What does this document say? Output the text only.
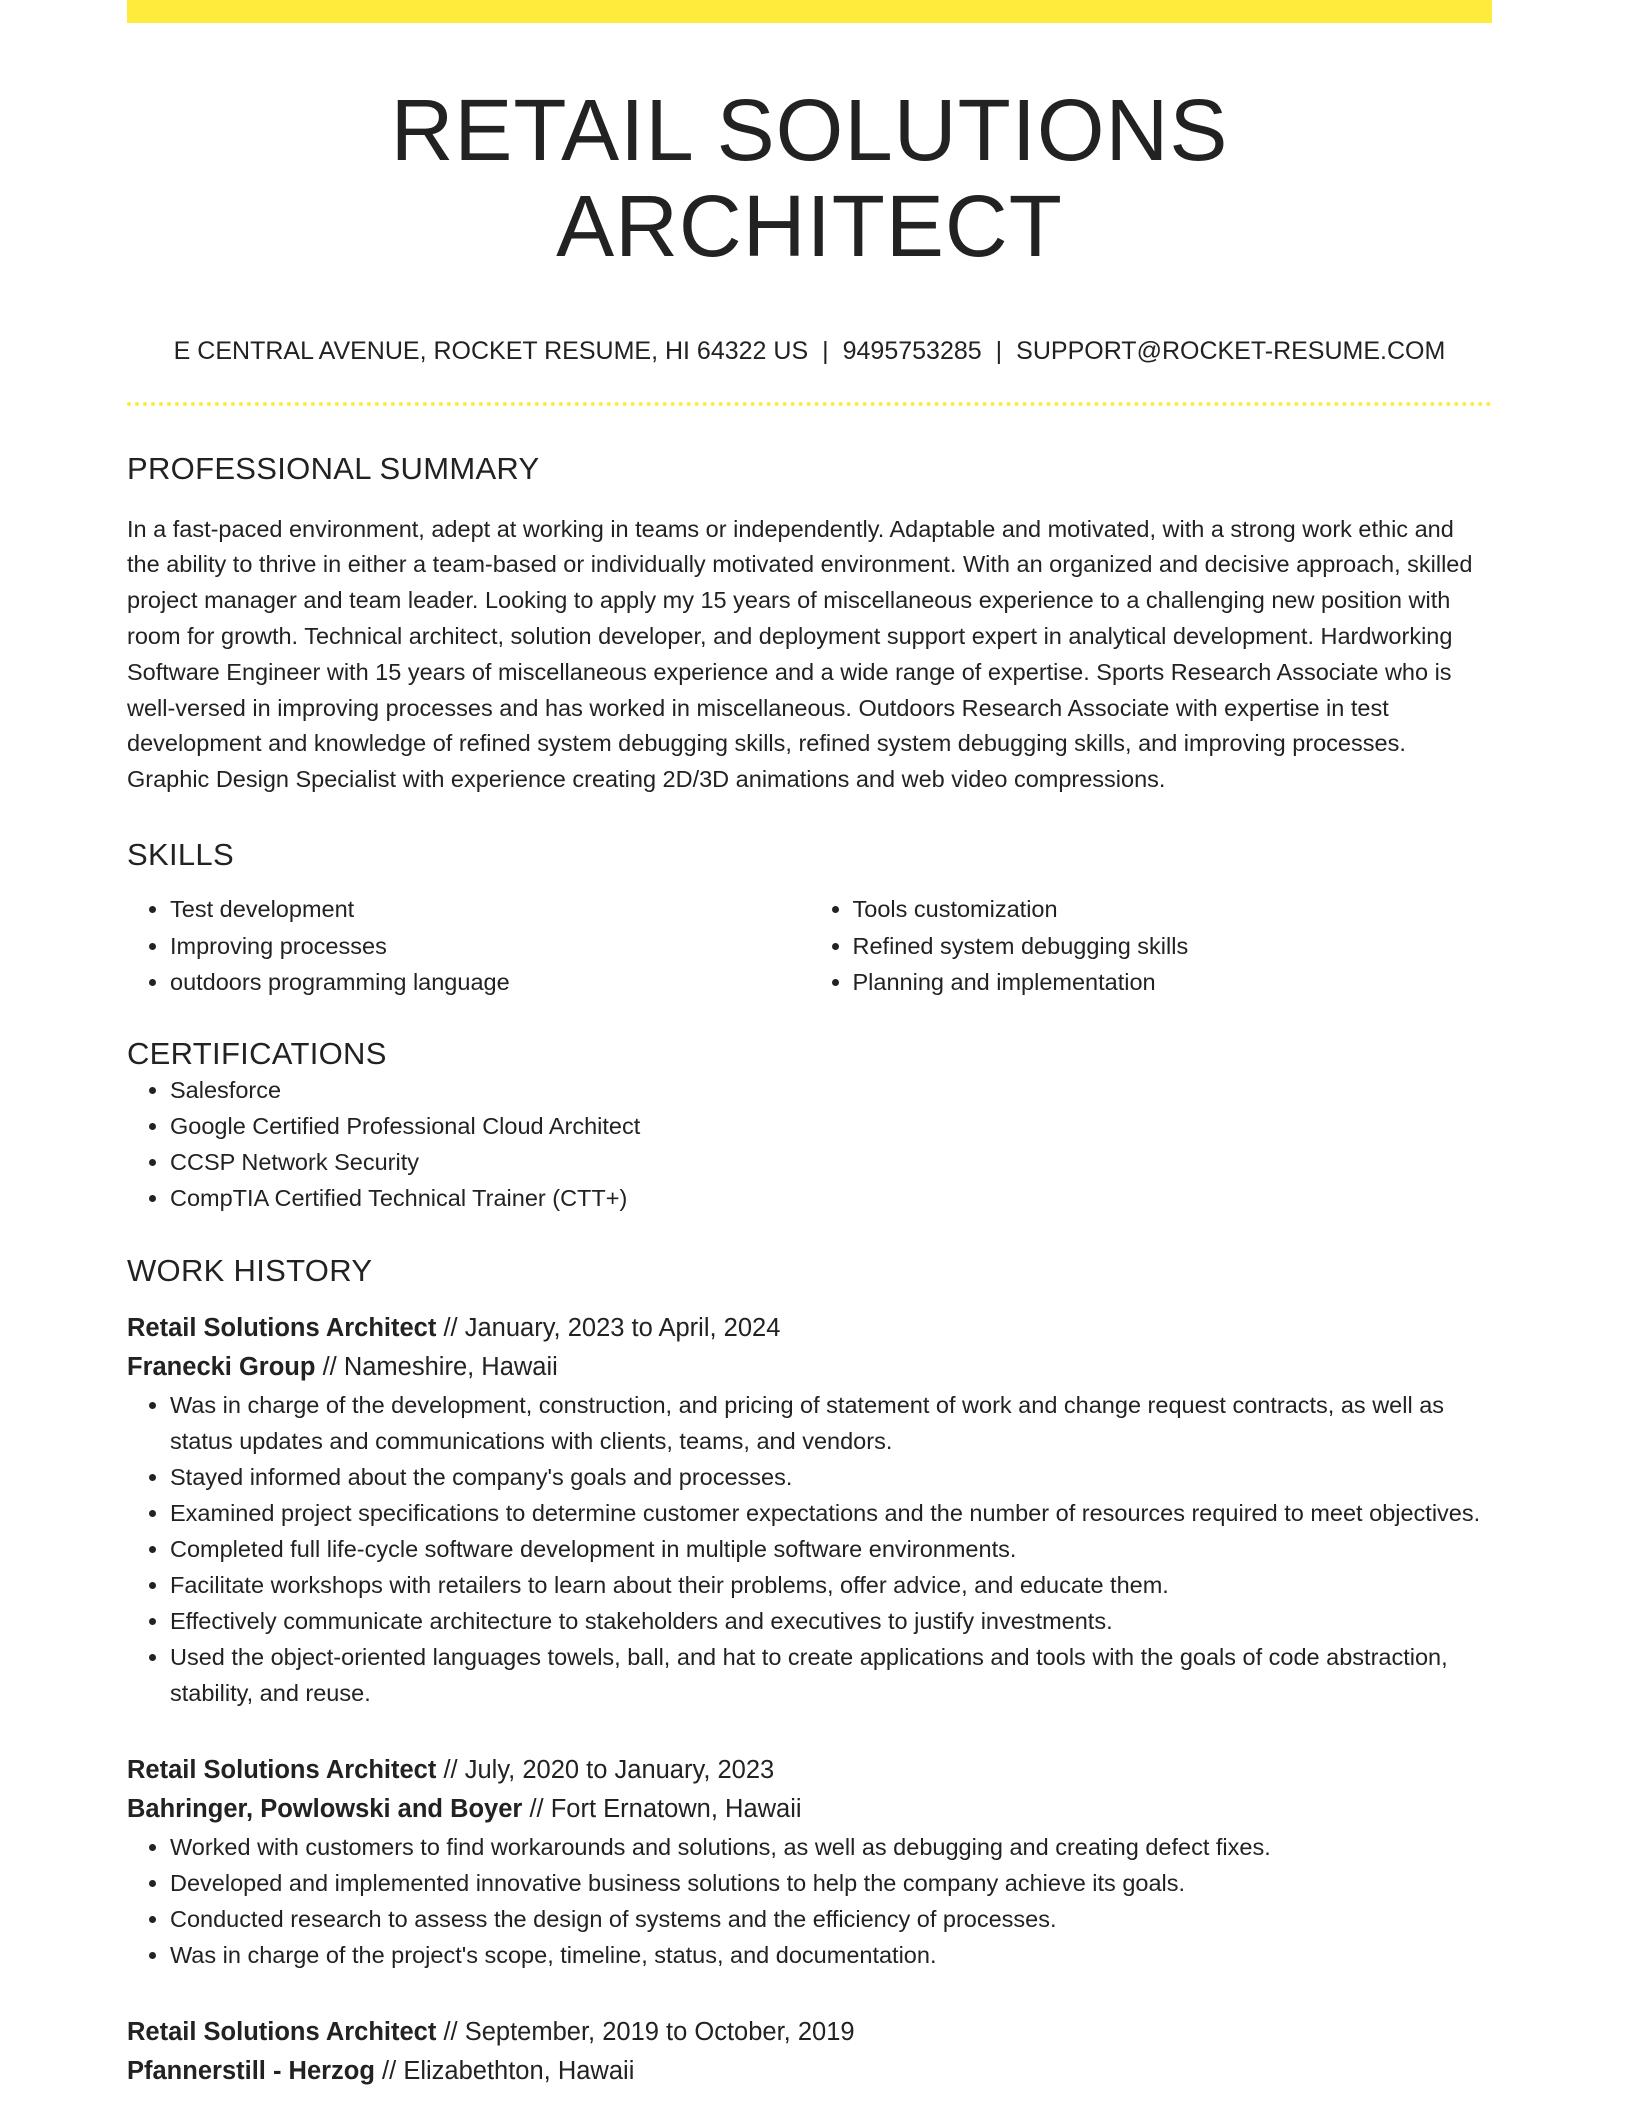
RETAIL SOLUTIONS ARCHITECT
E CENTRAL AVENUE, ROCKET RESUME, HI 64322 US | 9495753285 | SUPPORT@ROCKET-RESUME.COM
PROFESSIONAL SUMMARY

In a fast-paced environment, adept at working in teams or independently. Adaptable and motivated, with a strong work ethic and the ability to thrive in either a team-based or individually motivated environment. With an organized and decisive approach, skilled project manager and team leader. Looking to apply my 15 years of miscellaneous experience to a challenging new position with room for growth. Technical architect, solution developer, and deployment support expert in analytical development. Hardworking Software Engineer with 15 years of miscellaneous experience and a wide range of expertise. Sports Research Associate who is well-versed in improving processes and has worked in miscellaneous. Outdoors Research Associate with expertise in test development and knowledge of refined system debugging skills, refined system debugging skills, and improving processes. Graphic Design Specialist with experience creating 2D/3D animations and web video compressions.

SKILLS
• Test development
• Improving processes
• outdoors programming language
• Tools customization
• Refined system debugging skills
• Planning and implementation
CERTIFICATIONS
• Salesforce
• Google Certified Professional Cloud Architect
• CCSP Network Security
• CompTIA Certified Technical Trainer (CTT+)
WORK HISTORY
Retail Solutions Architect // January, 2023 to April, 2024
Franecki Group // Nameshire, Hawaii
• Was in charge of the development, construction, and pricing of statement of work and change request contracts, as well as status updates and communications with clients, teams, and vendors.
• Stayed informed about the company's goals and processes.
• Examined project specifications to determine customer expectations and the number of resources required to meet objectives.
• Completed full life-cycle software development in multiple software environments.
• Facilitate workshops with retailers to learn about their problems, offer advice, and educate them.
• Effectively communicate architecture to stakeholders and executives to justify investments.
• Used the object-oriented languages towels, ball, and hat to create applications and tools with the goals of code abstraction, stability, and reuse.
Retail Solutions Architect // July, 2020 to January, 2023
Bahringer, Powlowski and Boyer // Fort Ernatown, Hawaii
• Worked with customers to find workarounds and solutions, as well as debugging and creating defect fixes.
• Developed and implemented innovative business solutions to help the company achieve its goals.
• Conducted research to assess the design of systems and the efficiency of processes.
• Was in charge of the project's scope, timeline, status, and documentation.
Retail Solutions Architect // September, 2019 to October, 2019
Pfannerstill - Herzog // Elizabethton, Hawaii
